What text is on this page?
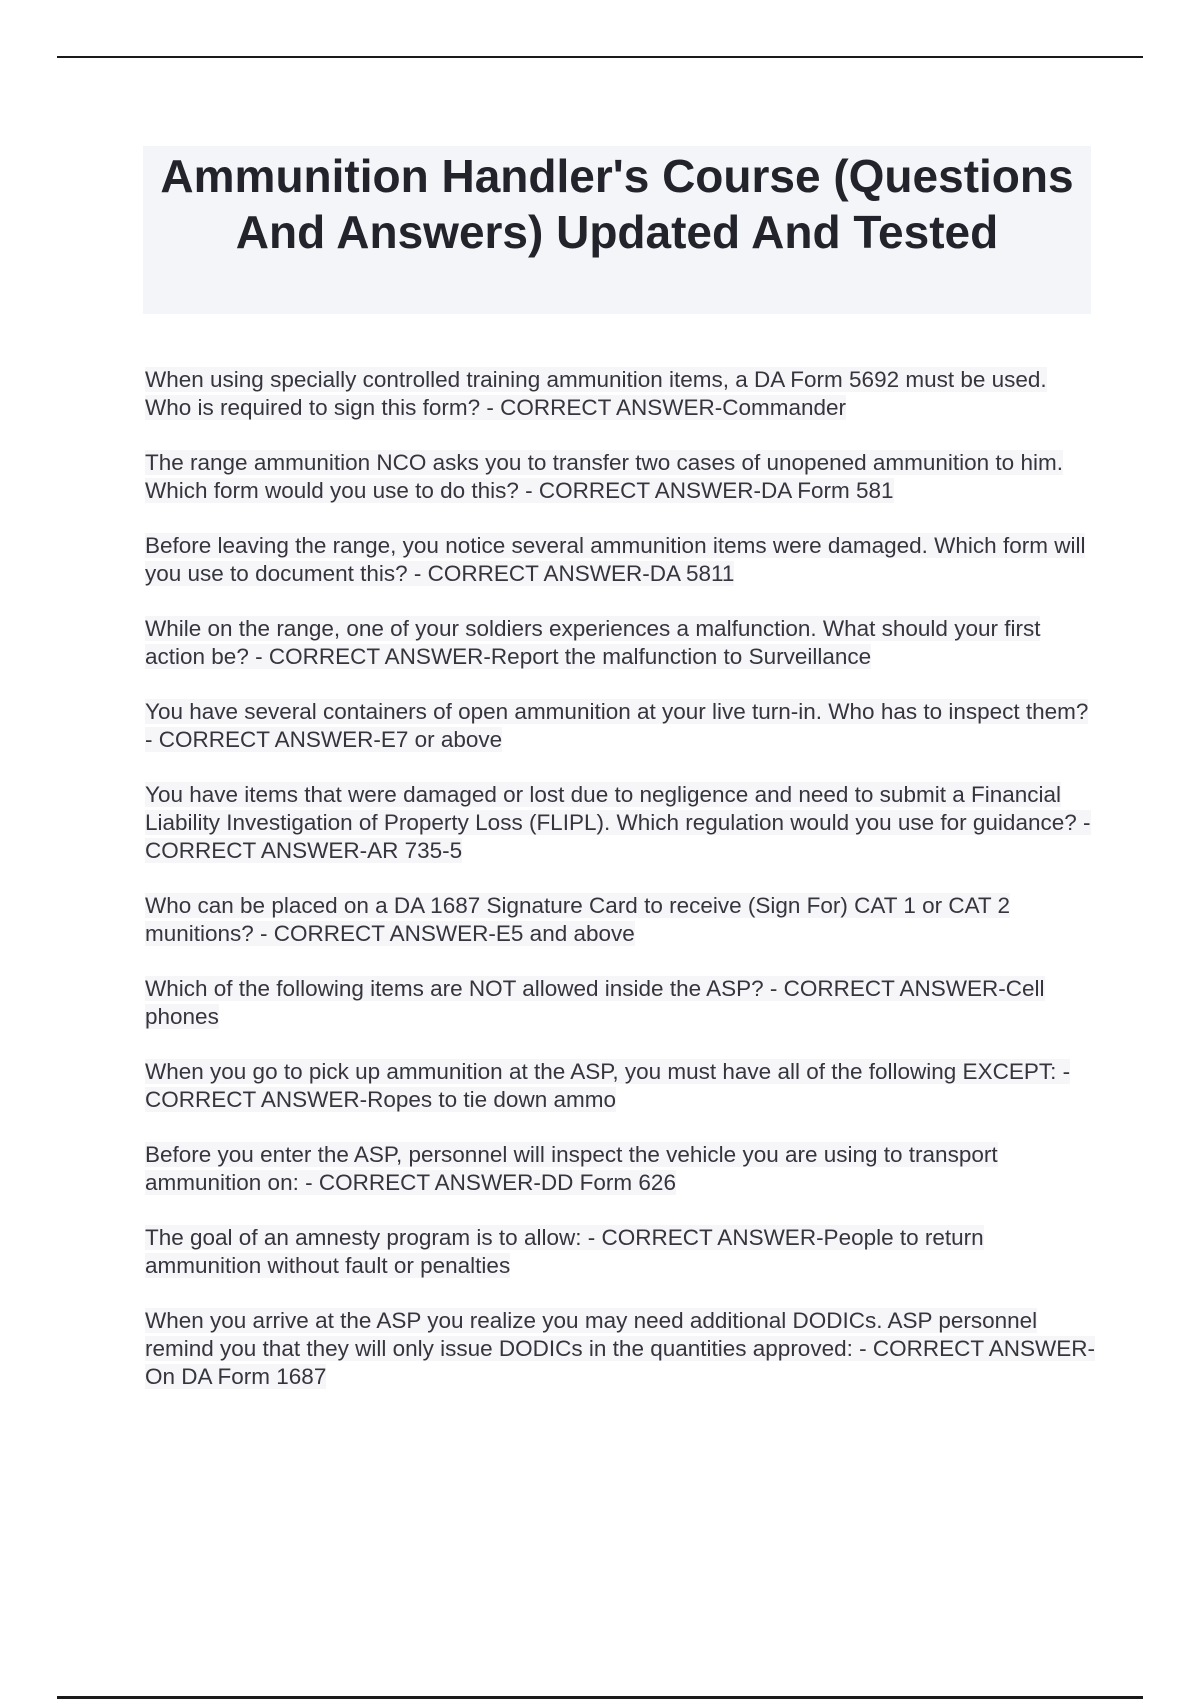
Ammunition Handler's Course (Questions And Answers) Updated And Tested

When using specially controlled training ammunition items, a DA Form 5692 must be used. Who is required to sign this form? - CORRECT ANSWER-Commander

The range ammunition NCO asks you to transfer two cases of unopened ammunition to him. Which form would you use to do this? - CORRECT ANSWER-DA Form 581

Before leaving the range, you notice several ammunition items were damaged. Which form will you use to document this? - CORRECT ANSWER-DA 5811

While on the range, one of your soldiers experiences a malfunction. What should your first action be? - CORRECT ANSWER-Report the malfunction to Surveillance

You have several containers of open ammunition at your live turn-in. Who has to inspect them? - CORRECT ANSWER-E7 or above

You have items that were damaged or lost due to negligence and need to submit a Financial Liability Investigation of Property Loss (FLIPL). Which regulation would you use for guidance? - CORRECT ANSWER-AR 735-5

Who can be placed on a DA 1687 Signature Card to receive (Sign For) CAT 1 or CAT 2 munitions? - CORRECT ANSWER-E5 and above

Which of the following items are NOT allowed inside the ASP? - CORRECT ANSWER-Cell phones

When you go to pick up ammunition at the ASP, you must have all of the following EXCEPT: - CORRECT ANSWER-Ropes to tie down ammo

Before you enter the ASP, personnel will inspect the vehicle you are using to transport ammunition on: - CORRECT ANSWER-DD Form 626

The goal of an amnesty program is to allow: - CORRECT ANSWER-People to return ammunition without fault or penalties

When you arrive at the ASP you realize you may need additional DODICs. ASP personnel remind you that they will only issue DODICs in the quantities approved: - CORRECT ANSWER-On DA Form 1687
